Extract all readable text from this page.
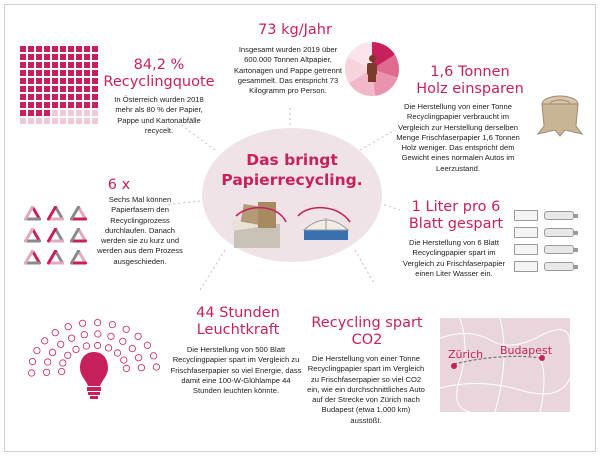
84,2 %
Recyclingquote
In Österreich wurden 2018 mehr als 80 % der Papier, Pappe und Kartonabfälle recycelt.
73 kg/Jahr
Insgesamt wurden 2019 über 600.000 Tonnen Altpapier, Kartonagen und Pappe getrennt gesammelt. Das entspricht 73 Kilogramm pro Person.
1,6 Tonnen
Holz einsparen
Die Herstellung von einer Tonne Recyclingpapier verbraucht im Vergleich zur Herstellung derselben Menge Frischfaserpapier 1,6 Tonnen Holz weniger. Das entspricht dem Gewicht eines normalen Autos im Leerzustand.
Das bringt
Papierrecycling.
6 x
Sechs Mal können Papierfasern den Recyclingprozess durchlaufen. Danach werden sie zu kurz und werden aus dem Prozess ausgeschieden.
1 Liter pro 6
Blatt gespart
Die Herstellung von 6 Blatt Recyclingpapier spart im Vergleich zu Frischfaserpapier einen Liter Wasser ein.
44 Stunden
Leuchtkraft
Die Herstellung von 500 Blatt Recyclingpapier spart im Vergleich zu Frischfaserpapier so viel Energie, dass damit eine 100-W-Glühlampe 44 Stunden leuchten könnte.
Recycling spart
CO2
Die Herstellung von einer Tonne Recyclingpapier spart im Vergleich zu Frischfaserpapier so viel CO2 ein, wie ein durchschnittliches Auto auf der Strecke von Zürich nach Budapest (etwa 1.000 km) ausstößt.
Zürich Budapest
